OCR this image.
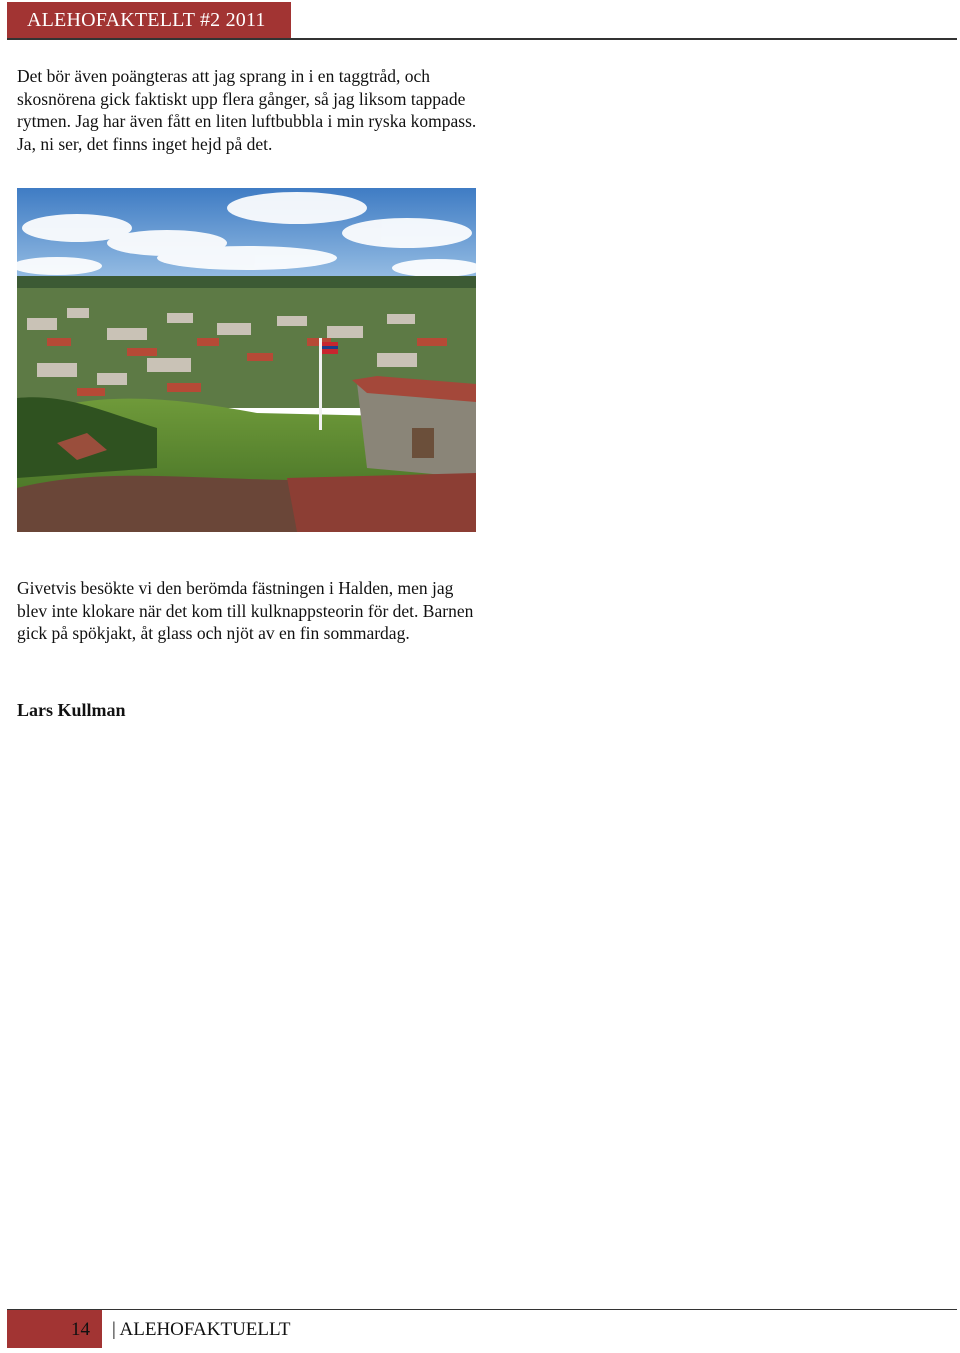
ALEHOFAKTELLT #2 2011

Det bör även poängteras att jag sprang in i en taggtråd, och skosnörena gick faktiskt upp flera gånger, så jag liksom tappade rytmen. Jag har även fått en liten luftbubbla i min ryska kompass. Ja, ni ser, det finns inget hejd på det.

Givetvis besökte vi den berömda fästningen i Halden, men jag blev inte klokare när det kom till kulknappsteorin för det. Barnen gick på spökjakt, åt glass och njöt av en fin sommardag.

Lars Kullman

14	| ALEHOFAKTUELLT
